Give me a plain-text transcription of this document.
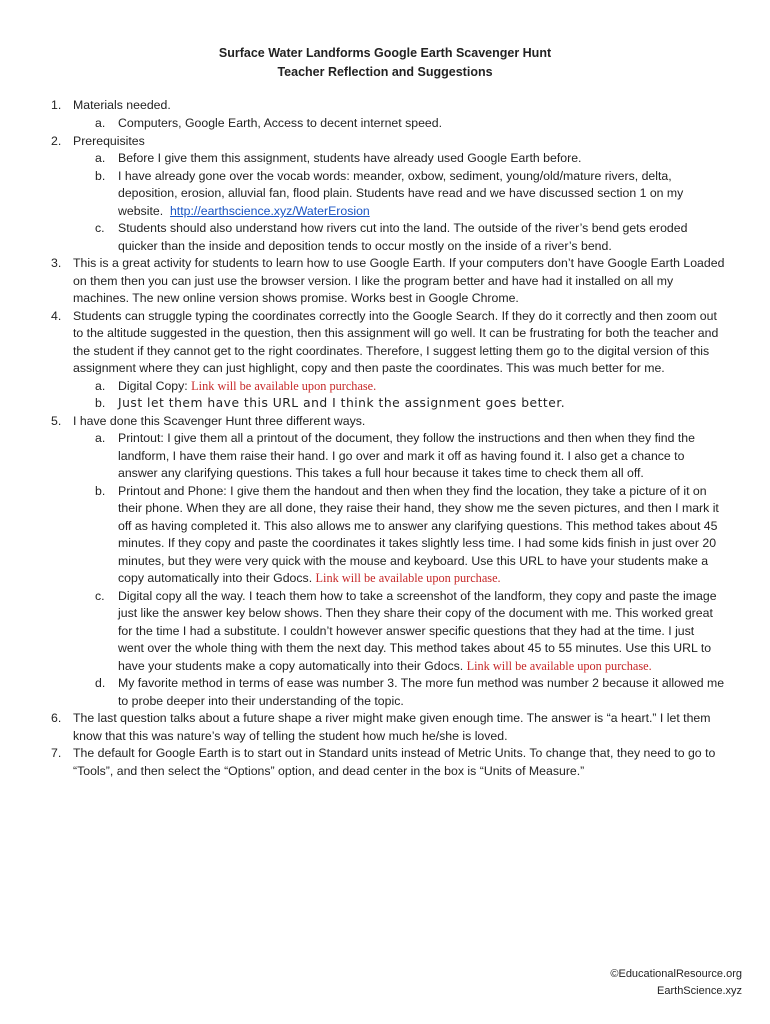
Surface Water Landforms Google Earth Scavenger Hunt
Teacher Reflection and Suggestions
1. Materials needed.
a. Computers, Google Earth, Access to decent internet speed.
2. Prerequisites
a. Before I give them this assignment, students have already used Google Earth before.
b. I have already gone over the vocab words: meander, oxbow, sediment, young/old/mature rivers, delta,
deposition, erosion, alluvial fan, flood plain. Students have read and we have discussed section 1 on my
website. http://earthscience.xyz/WaterErosion
c. Students should also understand how rivers cut into the land. The outside of the river’s bend gets eroded
quicker than the inside and deposition tends to occur mostly on the inside of a river’s bend.
3. This is a great activity for students to learn how to use Google Earth. If your computers don’t have Google Earth Loaded
on them then you can just use the browser version. I like the program better and have had it installed on all my
machines. The new online version shows promise. Works best in Google Chrome.
4. Students can struggle typing the coordinates correctly into the Google Search. If they do it correctly and then zoom out
to the altitude suggested in the question, then this assignment will go well. It can be frustrating for both the teacher and
the student if they cannot get to the right coordinates. Therefore, I suggest letting them go to the digital version of this
assignment where they can just highlight, copy and then paste the coordinates. This was much better for me.
a. Digital Copy: Link will be available upon purchase.
b. Just let them have this URL and I think the assignment goes better.
5. I have done this Scavenger Hunt three different ways.
a. Printout: I give them all a printout of the document, they follow the instructions and then when they find the
landform, I have them raise their hand. I go over and mark it off as having found it. I also get a chance to
answer any clarifying questions. This takes a full hour because it takes time to check them all off.
b. Printout and Phone: I give them the handout and then when they find the location, they take a picture of it on
their phone. When they are all done, they raise their hand, they show me the seven pictures, and then I mark it
off as having completed it. This also allows me to answer any clarifying questions. This method takes about 45
minutes. If they copy and paste the coordinates it takes slightly less time. I had some kids finish in just over 20
minutes, but they were very quick with the mouse and keyboard. Use this URL to have your students make a
copy automatically into their Gdocs. Link will be available upon purchase.
c. Digital copy all the way. I teach them how to take a screenshot of the landform, they copy and paste the image
just like the answer key below shows. Then they share their copy of the document with me. This worked great
for the time I had a substitute. I couldn’t however answer specific questions that they had at the time. I just
went over the whole thing with them the next day. This method takes about 45 to 55 minutes. Use this URL to
have your students make a copy automatically into their Gdocs. Link will be available upon purchase.
d. My favorite method in terms of ease was number 3. The more fun method was number 2 because it allowed me
to probe deeper into their understanding of the topic.
6. The last question talks about a future shape a river might make given enough time. The answer is “a heart.” I let them
know that this was nature’s way of telling the student how much he/she is loved.
7. The default for Google Earth is to start out in Standard units instead of Metric Units. To change that, they need to go to
“Tools”, and then select the “Options” option, and dead center in the box is “Units of Measure.”
©EducationalResource.org
EarthScience.xyz
